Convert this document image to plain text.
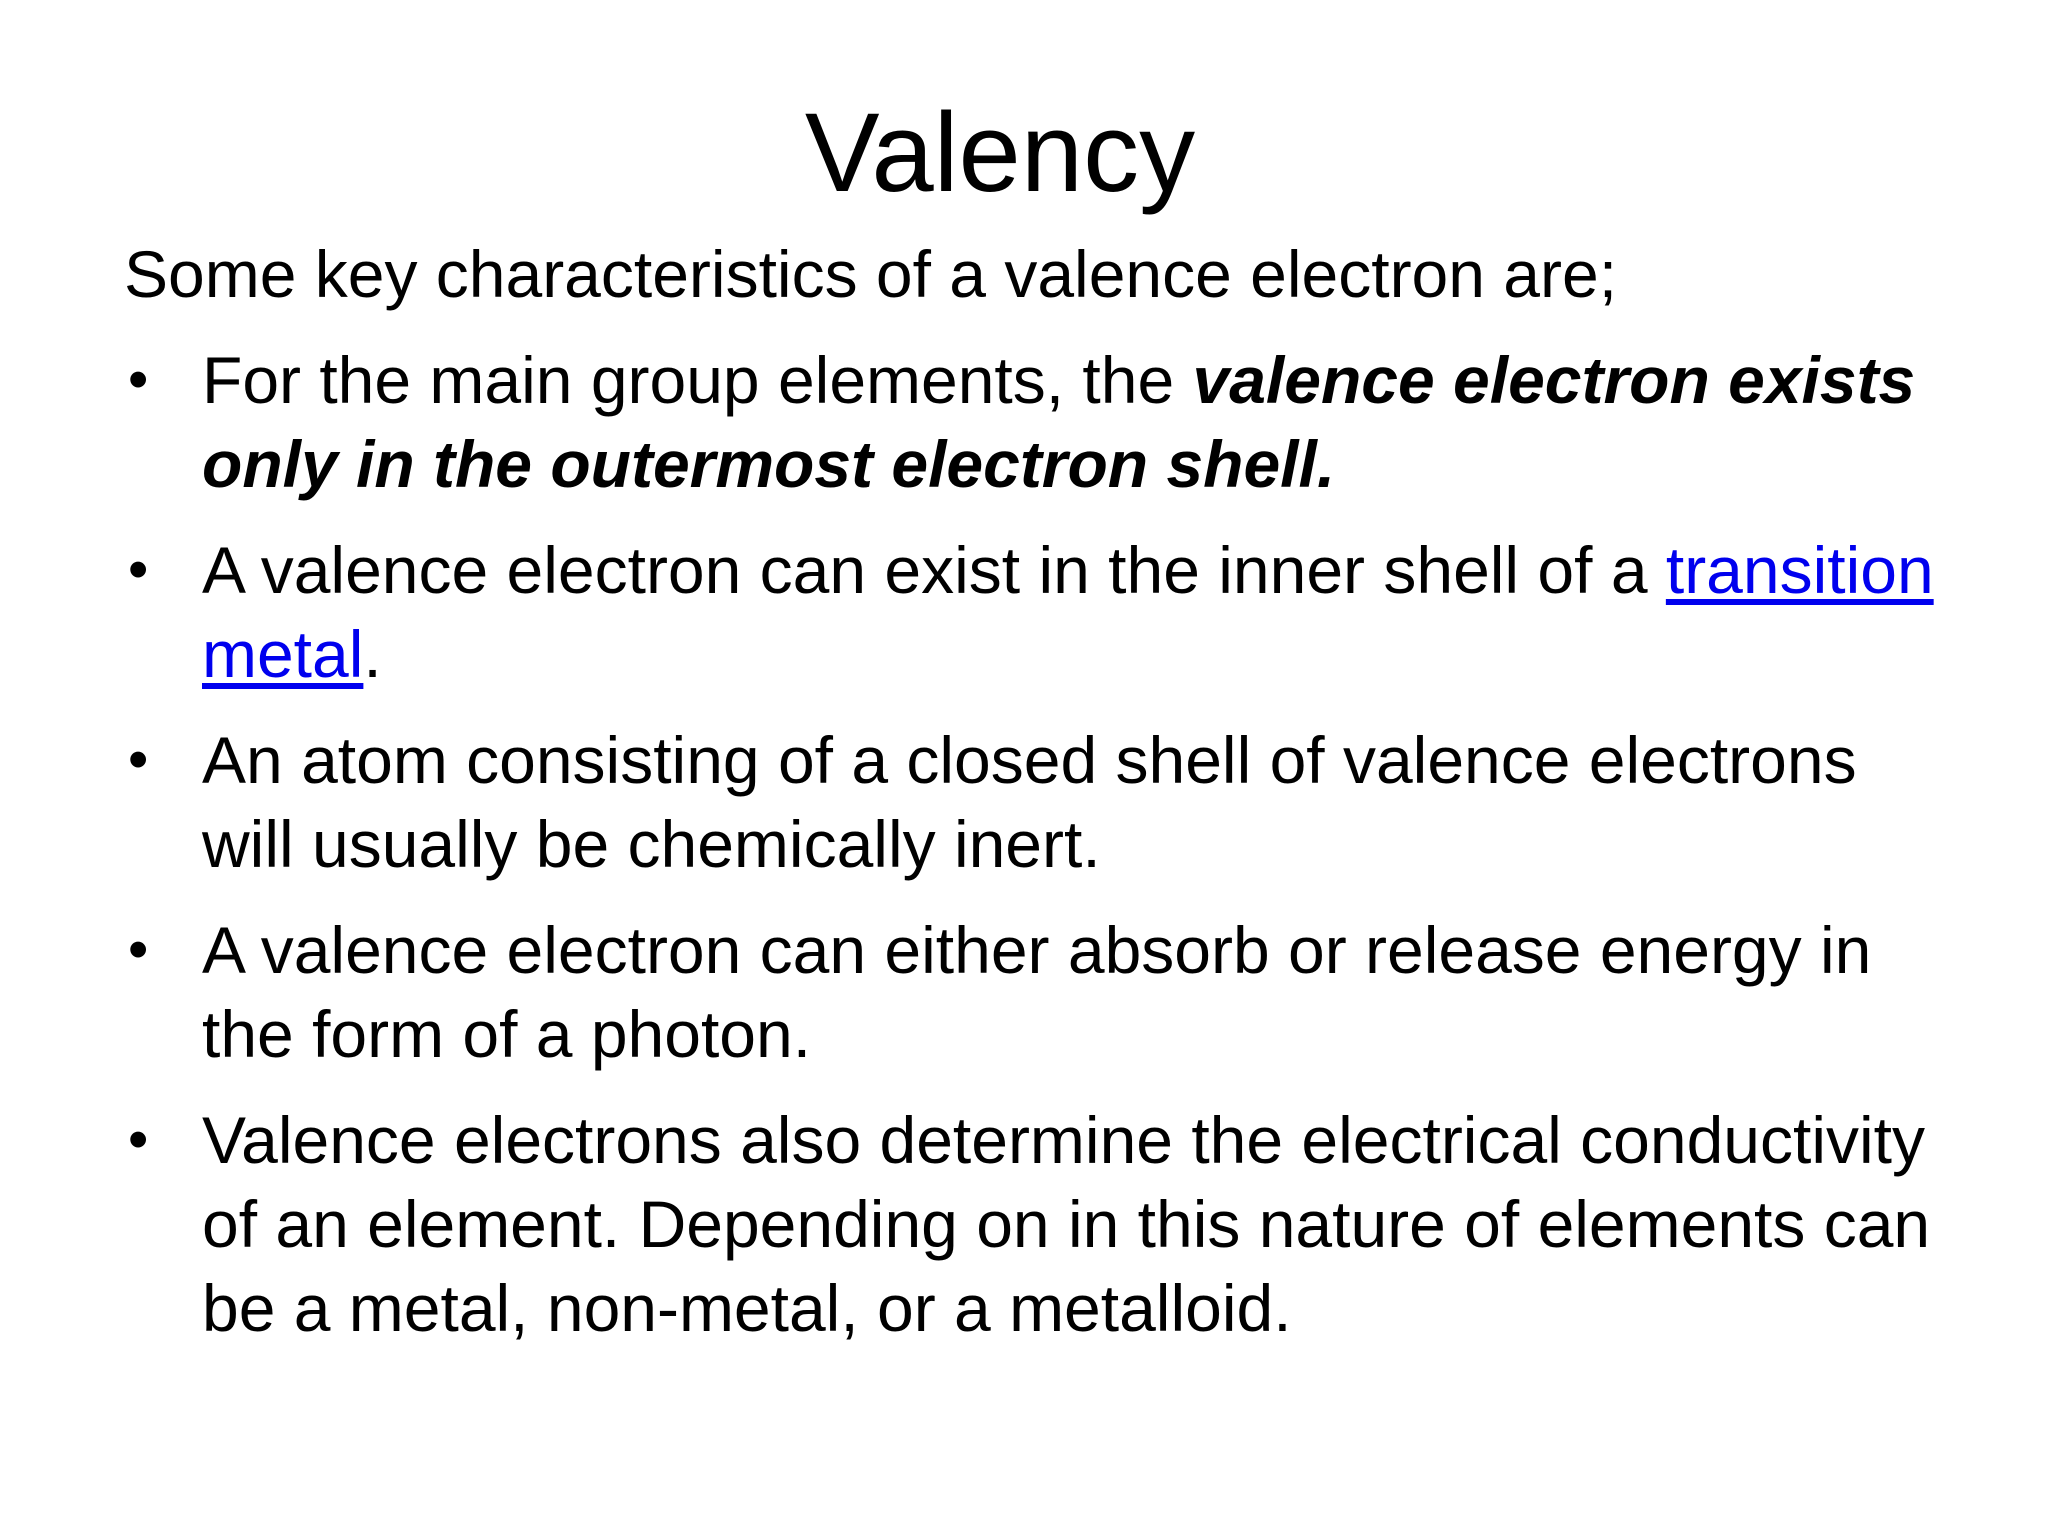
Valency

Some key characteristics of a valence electron are;

• For the main group elements, the valence electron exists only in the outermost electron shell.
• A valence electron can exist in the inner shell of a transition metal.
• An atom consisting of a closed shell of valence electrons will usually be chemically inert.
• A valence electron can either absorb or release energy in the form of a photon.
• Valence electrons also determine the electrical conductivity of an element. Depending on in this nature of elements can be a metal, non-metal, or a metalloid.
